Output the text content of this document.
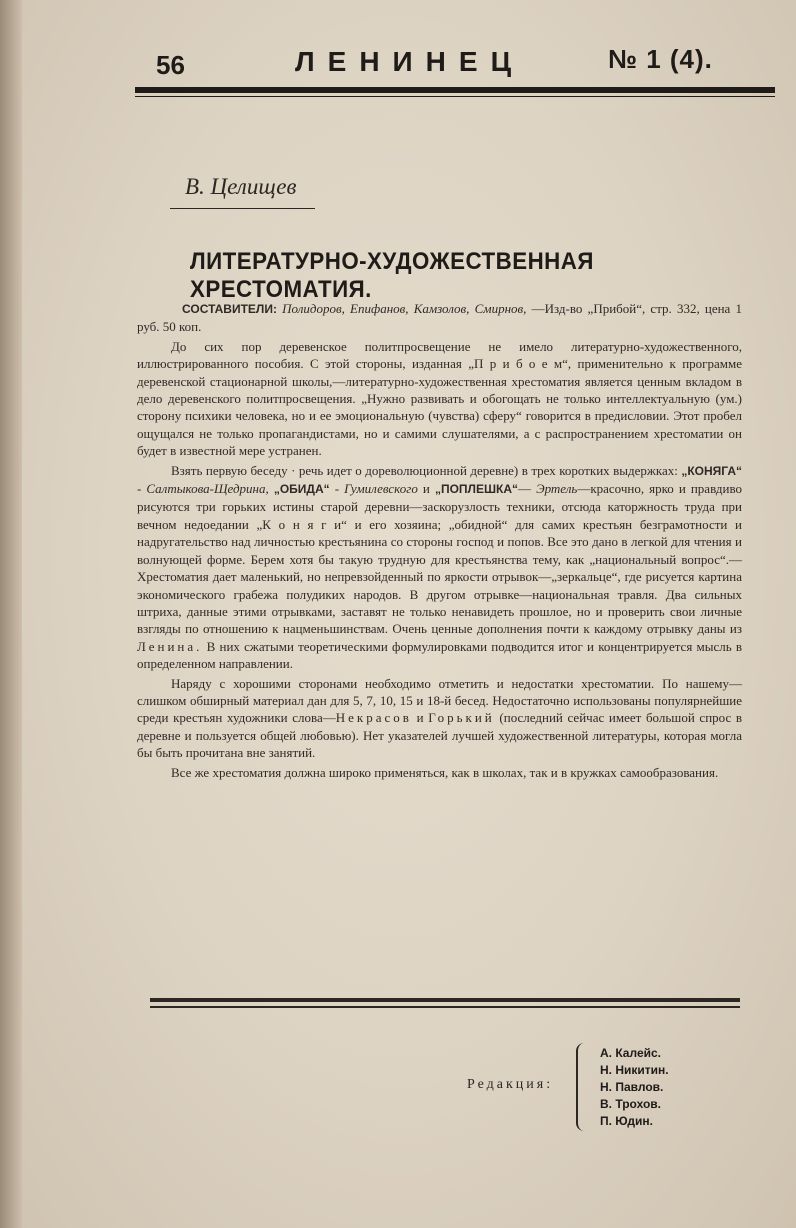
56	ЛЕНИНЕЦ	№ 1 (4).
В. Целищев
ЛИТЕРАТУРНО-ХУДОЖЕСТВЕННАЯ ХРЕСТОМАТИЯ.

СОСТАВИТЕЛИ: Полидоров, Епифанов, Камзолов, Смирнов, —Изд-во „Прибой“, стр. 332, цена 1 руб. 50 коп.

До сих пор деревенское политпросвещение не имело литературно-художественного, иллюстрированного пособия. С этой стороны, изданная „П р и б о е м“, применительно к программе деревенской стационарной школы,—литературно-художественная хрестоматия является ценным вкладом в дело деревенского политпросвещения. „Нужно развивать и обогощать не только интеллектуальную (ум.) сторону психики человека, но и ее эмоциональную (чувства) сферу“ говорится в предисловии. Этот пробел ощущался не только пропагандистами, но и самими слушателями, а с распространением хрестоматии он будет в известной мере устранен.

Взять первую беседу · речь идет о дореволюционной деревне) в трех коротких выдержках: „КОНЯГА“ - Салтыкова-Щедрина, „ОБИДА“ - Гумилевского и „ПОПЛЕШКА“— Эртель—красочно, ярко и правдиво рисуются три горьких истины старой деревни—заскорузлость техники, отсюда каторжность труда при вечном недоедании „К о н я г и“ и его хозяина; „обидной“ для самих крестьян безграмотности и надругательство над личностью крестьянина со стороны господ и попов. Все это дано в легкой для чтения и волнующей форме. Берем хотя бы такую трудную для крестьянства тему, как „национальный вопрос“.—Хрестоматия дает маленький, но непревзойденный по яркости отрывок—„зеркальце“, где рисуется картина экономического грабежа полудиких народов. В другом отрывке—национальная травля. Два сильных штриха, данные этими отрывками, заставят не только ненавидеть прошлое, но и проверить свои личные взгляды по отношению к нацменьшинствам. Очень ценные дополнения почти к каждому отрывку даны из Ленина. В них сжатыми теоретическими формулировками подводится итог и концентрируется мысль в определенном направлении.

Наряду с хорошими сторонами необходимо отметить и недостатки хрестоматии. По нашему—слишком обширный материал дан для 5, 7, 10, 15 и 18-й бесед. Недостаточно использованы популярнейшие среди крестьян художники слова—Некрасов и Горький (последний сейчас имеет большой спрос в деревне и пользуется общей любовью). Нет указателей лучшей художественной литературы, которая могла бы быть прочитана вне занятий.

Все же хрестоматия должна широко применяться, как в школах, так и в кружках самообразования.

Редакция:
А. Калейс.
Н. Никитин.
Н. Павлов.
В. Трохов.
П. Юдин.
